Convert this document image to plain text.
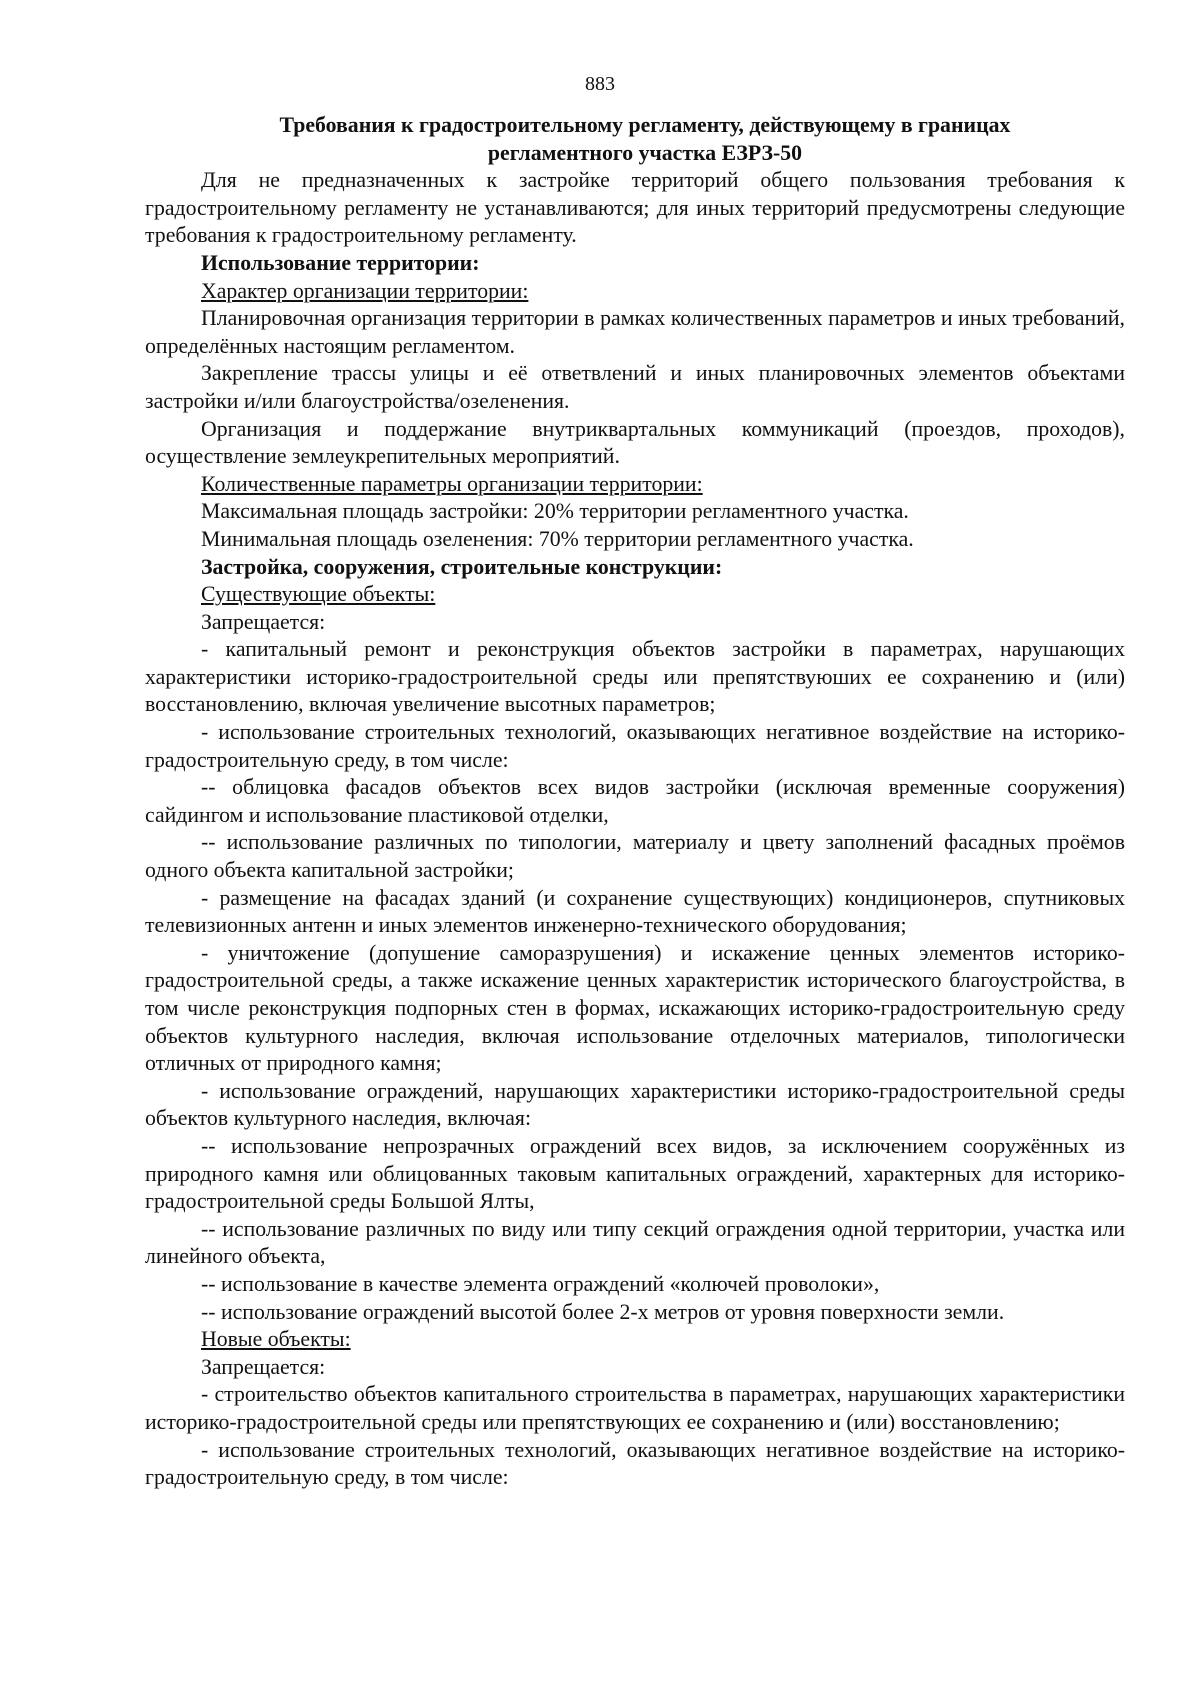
883
Требования к градостроительному регламенту, действующему в границах
регламентного участка ЕЗРЗ-50

Для не предназначенных к застройке территорий общего пользования требования к градостроительному регламенту не устанавливаются; для иных территорий предусмотрены следующие требования к градостроительному регламенту.

Использование территории:

Характер организации территории:

Планировочная организация территории в рамках количественных параметров и иных требований, определённых настоящим регламентом.

Закрепление трассы улицы и её ответвлений и иных планировочных элементов объектами застройки и/или благоустройства/озеленения.

Организация и поддержание внутриквартальных коммуникаций (проездов, проходов), осуществление землеукрепительных мероприятий.

Количественные параметры организации территории:

Максимальная площадь застройки: 20% территории регламентного участка.

Минимальная площадь озеленения: 70% территории регламентного участка.

Застройка, сооружения, строительные конструкции:

Существующие объекты:

Запрещается:

- капитальный ремонт и реконструкция объектов застройки в параметрах, нарушающих характеристики историко-градостроительной среды или препятствуюших ее сохранению и (или) восстановлению, включая увеличение высотных параметров;

- использование строительных технологий, оказывающих негативное воздействие на историко-градостроительную среду, в том числе:

-- облицовка фасадов объектов всех видов застройки (исключая временные сооружения) сайдингом и использование пластиковой отделки,

-- использование различных по типологии, материалу и цвету заполнений фасадных проёмов одного объекта капитальной застройки;

- размещение на фасадах зданий (и сохранение существующих) кондиционеров, спутниковых телевизионных антенн и иных элементов инженерно-технического оборудования;

- уничтожение (допушение саморазрушения) и искажение ценных элементов историко-градостроительной среды, а также искажение ценных характеристик исторического благоустройства, в том числе реконструкция подпорных стен в формах, искажающих историко-градостроительную среду объектов культурного наследия, включая использование отделочных материалов, типологически отличных от природного камня;

- использование ограждений, нарушающих характеристики историко-градостроительной среды объектов культурного наследия, включая:

-- использование непрозрачных ограждений всех видов, за исключением сооружённых из природного камня или облицованных таковым капитальных ограждений, характерных для историко-градостроительной среды Большой Ялты,

-- использование различных по виду или типу секций ограждения одной территории, участка или линейного объекта,

-- использование в качестве элемента ограждений «колючей проволоки»,

-- использование ограждений высотой более 2-х метров от уровня поверхности земли.

Новые объекты:

Запрещается:

- строительство объектов капитального строительства в параметрах, нарушающих характеристики историко-градостроительной среды или препятствующих ее сохранению и (или) восстановлению;

- использование строительных технологий, оказывающих негативное воздействие на историко-градостроительную среду, в том числе:
